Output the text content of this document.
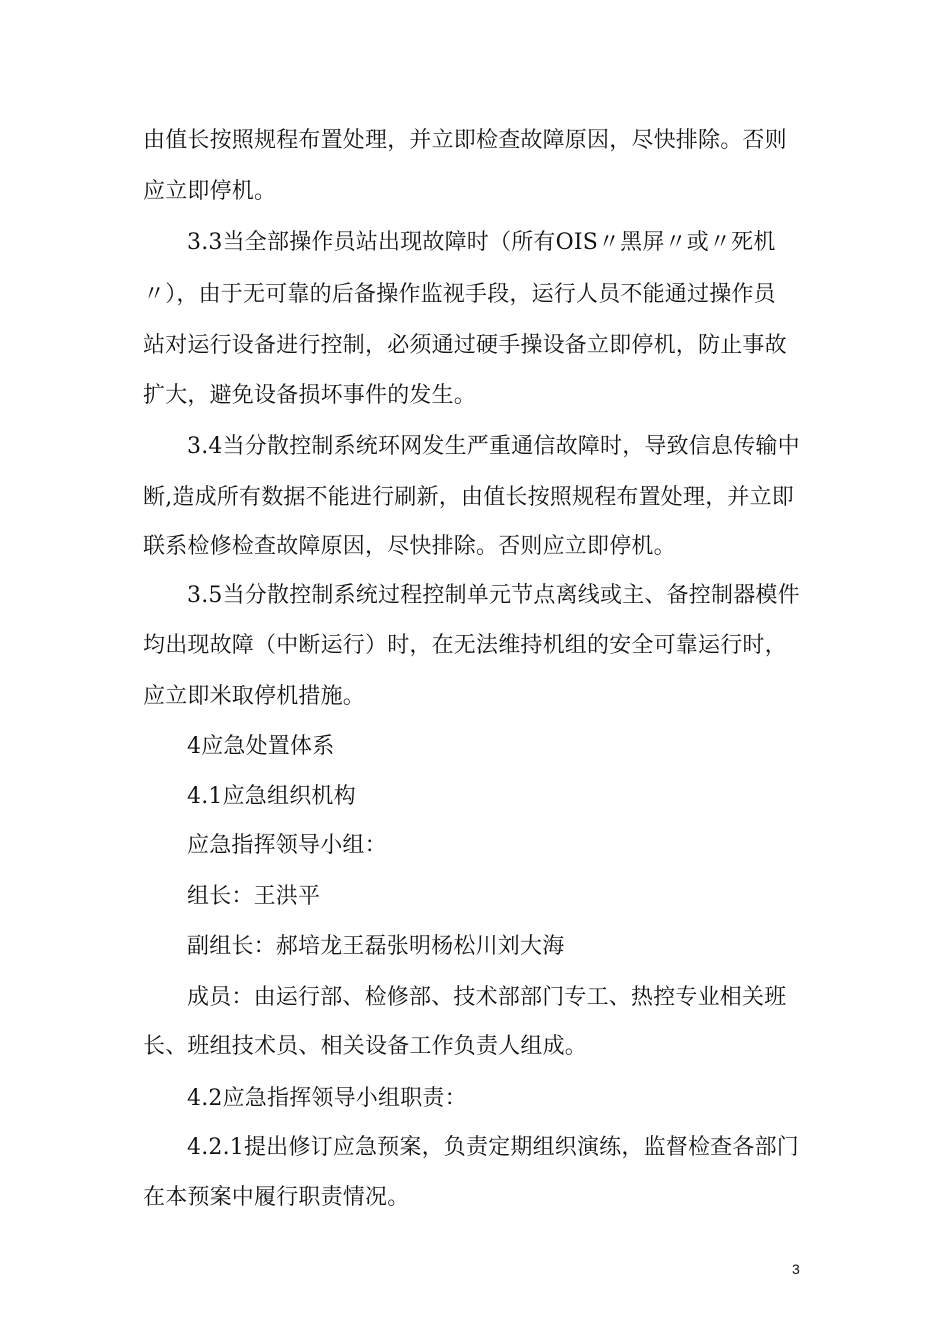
由值长按照规程布置处理，并立即检查故障原因，尽快排除。否则
应立即停机。
3.3当全部操作员站出现故障时（所有OIS〃黑屏〃或〃死机
〃），由于无可靠的后备操作监视手段，运行人员不能通过操作员
站对运行设备进行控制，必须通过硬手操设备立即停机，防止事故
扩大，避免设备损坏事件的发生。
3.4当分散控制系统环网发生严重通信故障时，导致信息传输中
断,造成所有数据不能进行刷新，由值长按照规程布置处理，并立即
联系检修检查故障原因，尽快排除。否则应立即停机。
3.5当分散控制系统过程控制单元节点离线或主、备控制器模件
均出现故障（中断运行）时，在无法维持机组的安全可靠运行时，
应立即米取停机措施。
4应急处置体系
4.1应急组织机构
应急指挥领导小组：
组长：王洪平
副组长：郝培龙王磊张明杨松川刘大海
成员：由运行部、检修部、技术部部门专工、热控专业相关班
长、班组技术员、相关设备工作负责人组成。
4.2应急指挥领导小组职责：
4.2.1提出修订应急预案，负责定期组织演练，监督检查各部门
在本预案中履行职责情况。
3
